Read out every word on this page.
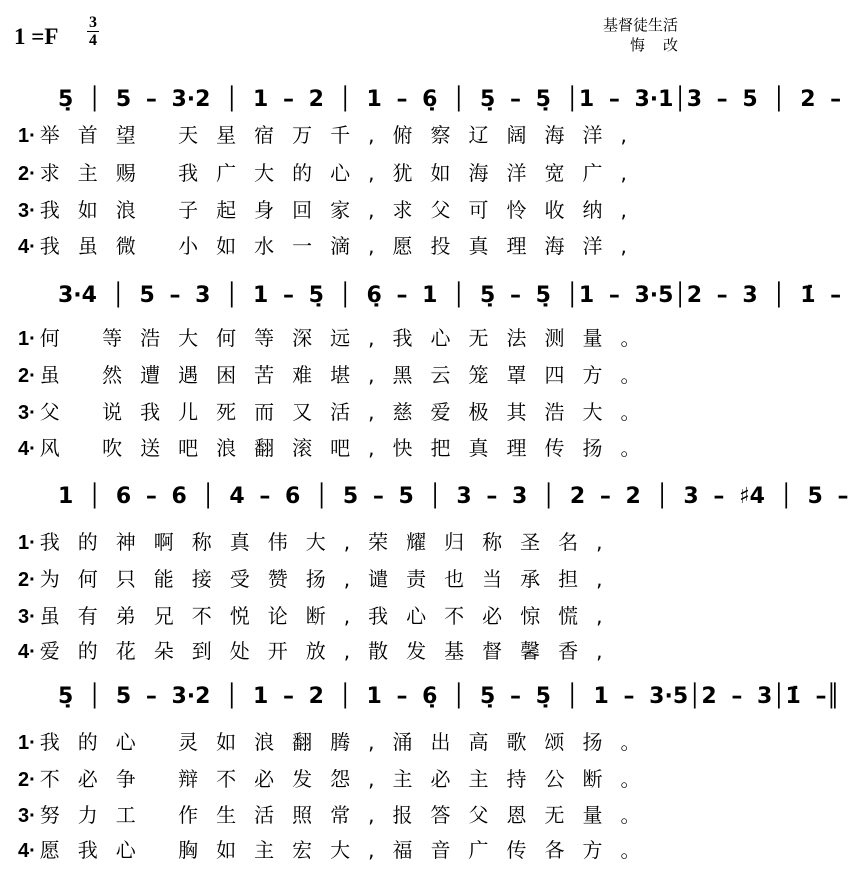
1 =F
3
4
基督徒生活
悔改
5̣ │ 5 – 3·2 │ 1 – 2 │ 1 – 6̣ │ 5̣ – 5̣ │1 – 3·1│3 – 5 │ 2 –
1· 举首望 天星宿万千,俯察辽阔海洋,
2· 求主赐 我广大的心,犹如海洋宽广,
3· 我如浪 子起身回家,求父可怜收纳,
4· 我虽微 小如水一滴,愿投真理海洋,
3·4 │ 5 – 3 │ 1 – 5̣ │ 6̣ – 1 │ 5̣ – 5̣ │1 – 3·5│2 – 3 │ 1̇ –
1· 何 等浩大何等深远,我心无法测量。
2· 虽 然遭遇困苦难堪,黑云笼罩四方。
3· 父 说我儿死而又活,慈爱极其浩大。
4· 风 吹送吧浪翻滚吧,快把真理传扬。
1 │ 6 – 6 │ 4 – 6 │ 5 – 5 │ 3 – 3 │ 2 – 2 │ 3 – ♯4 │ 5 –
1· 我的神啊称真伟大,荣耀归称圣名,
2· 为何只能接受赞扬,谴责也当承担,
3· 虽有弟兄不悦论断,我心不必惊慌,
4· 爱的花朵到处开放,散发基督馨香,
5̣ │ 5 – 3·2 │ 1 – 2 │ 1 – 6̣ │ 5̣ – 5̣ │ 1 – 3·5│2 – 3│1̇ –║
1· 我的心 灵如浪翻腾,涌出高歌颂扬。
2· 不必争 辩不必发怨,主必主持公断。
3· 努力工 作生活照常,报答父恩无量。
4· 愿我心 胸如主宏大,福音广传各方。
